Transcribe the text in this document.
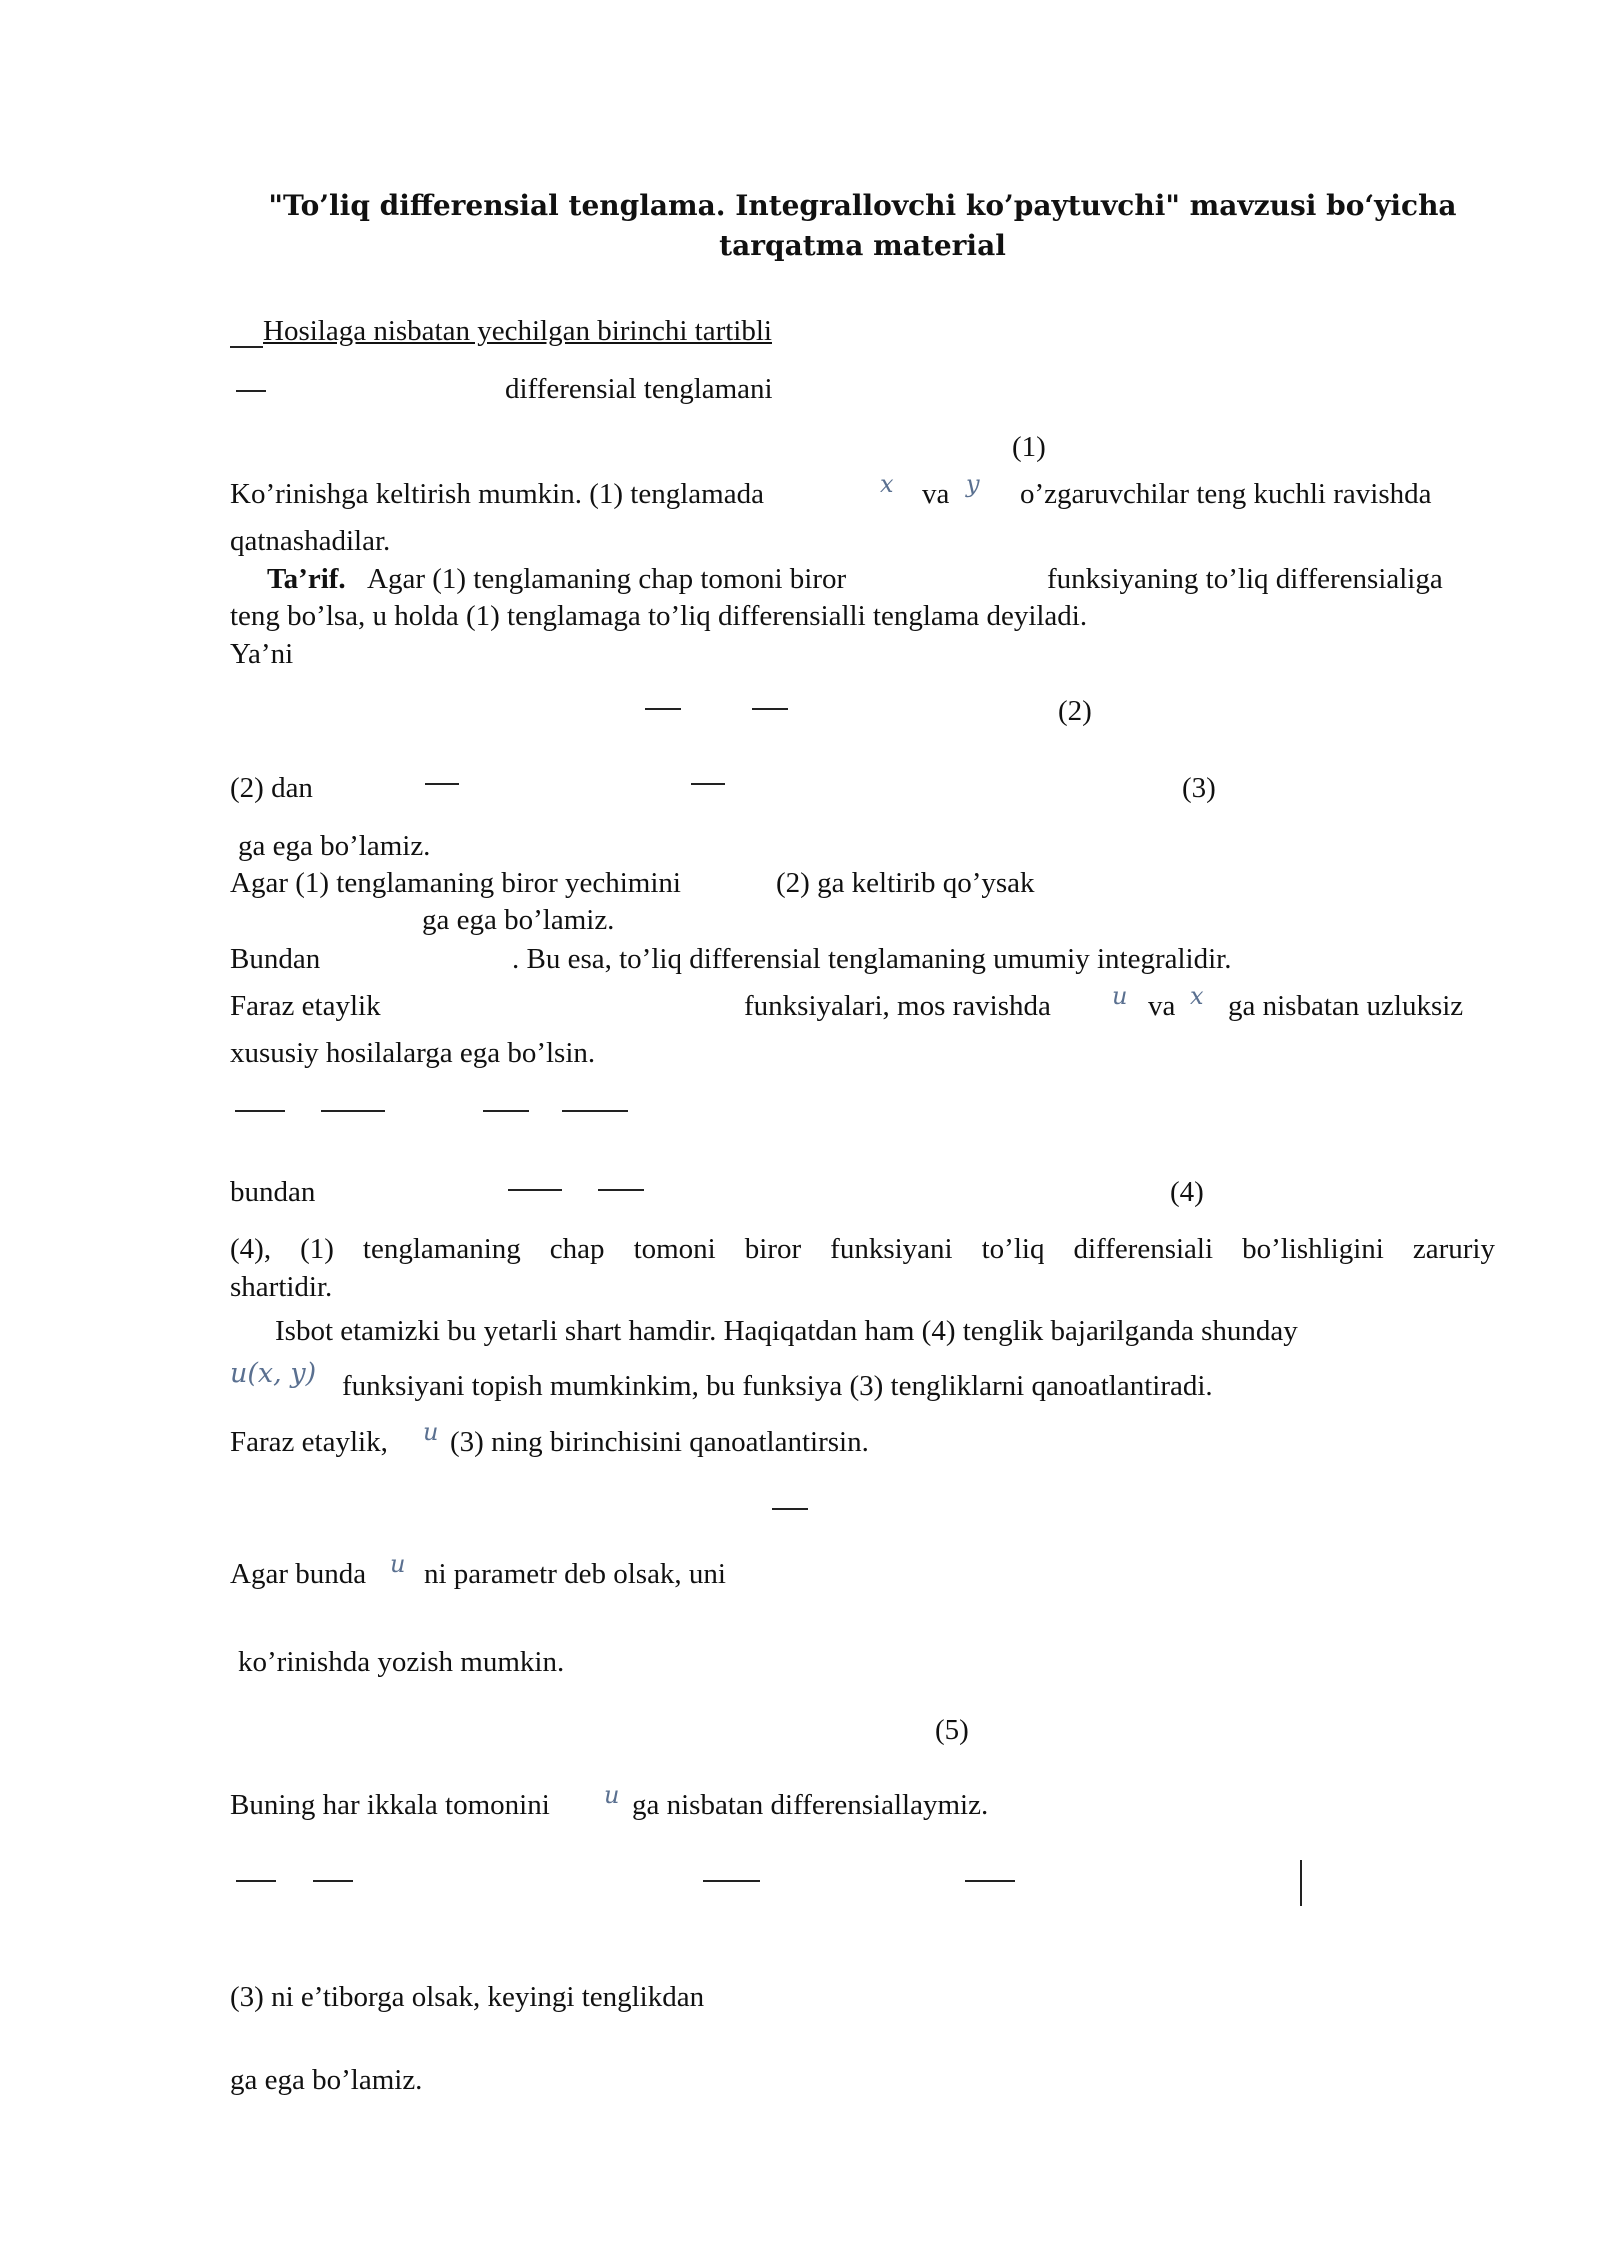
"To’liq differensial tenglama. Integrallovchi ko’paytuvchi" mavzusi bo‘yicha tarqatma material
Hosilaga nisbatan yechilgan birinchi tartibli
differensial tenglamani
(1)
Ko’rinishga keltirish mumkin. (1) tenglamada	x va y o’zgaruvchilar teng kuchli ravishda
qatnashadilar.
Ta’rif. Agar (1) tenglamaning chap tomoni biror	funksiyaning to’liq differensialiga
teng bo’lsa, u holda (1) tenglamaga to’liq differensialli tenglama deyiladi.
Ya’ni
(2)
(2) dan	(3)
ga ega bo’lamiz.
Agar (1) tenglamaning biror yechimini	(2) ga keltirib qo’ysak
ga ega bo’lamiz.
Bundan	. Bu esa, to’liq differensial tenglamaning umumiy integralidir.
Faraz etaylik	funksiyalari, mos ravishda	u va x ga nisbatan uzluksiz
xususiy hosilalarga ega bo’lsin.
bundan	(4)
(4), (1) tenglamaning chap tomoni biror funksiyani to’liq differensiali bo’lishligini zaruriy
shartidir.
Isbot etamizki bu yetarli shart hamdir. Haqiqatdan ham (4) tenglik bajarilganda shunday
u(x, y) funksiyani topish mumkinkim, bu funksiya (3) tengliklarni qanoatlantiradi.
Faraz etaylik, u (3) ning birinchisini qanoatlantirsin.
Agar bunda u ni parametr deb olsak, uni
ko’rinishda yozish mumkin.
(5)
Buning har ikkala tomonini u ga nisbatan differensiallaymiz.
(3) ni e’tiborga olsak, keyingi tenglikdan
ga ega bo’lamiz.
